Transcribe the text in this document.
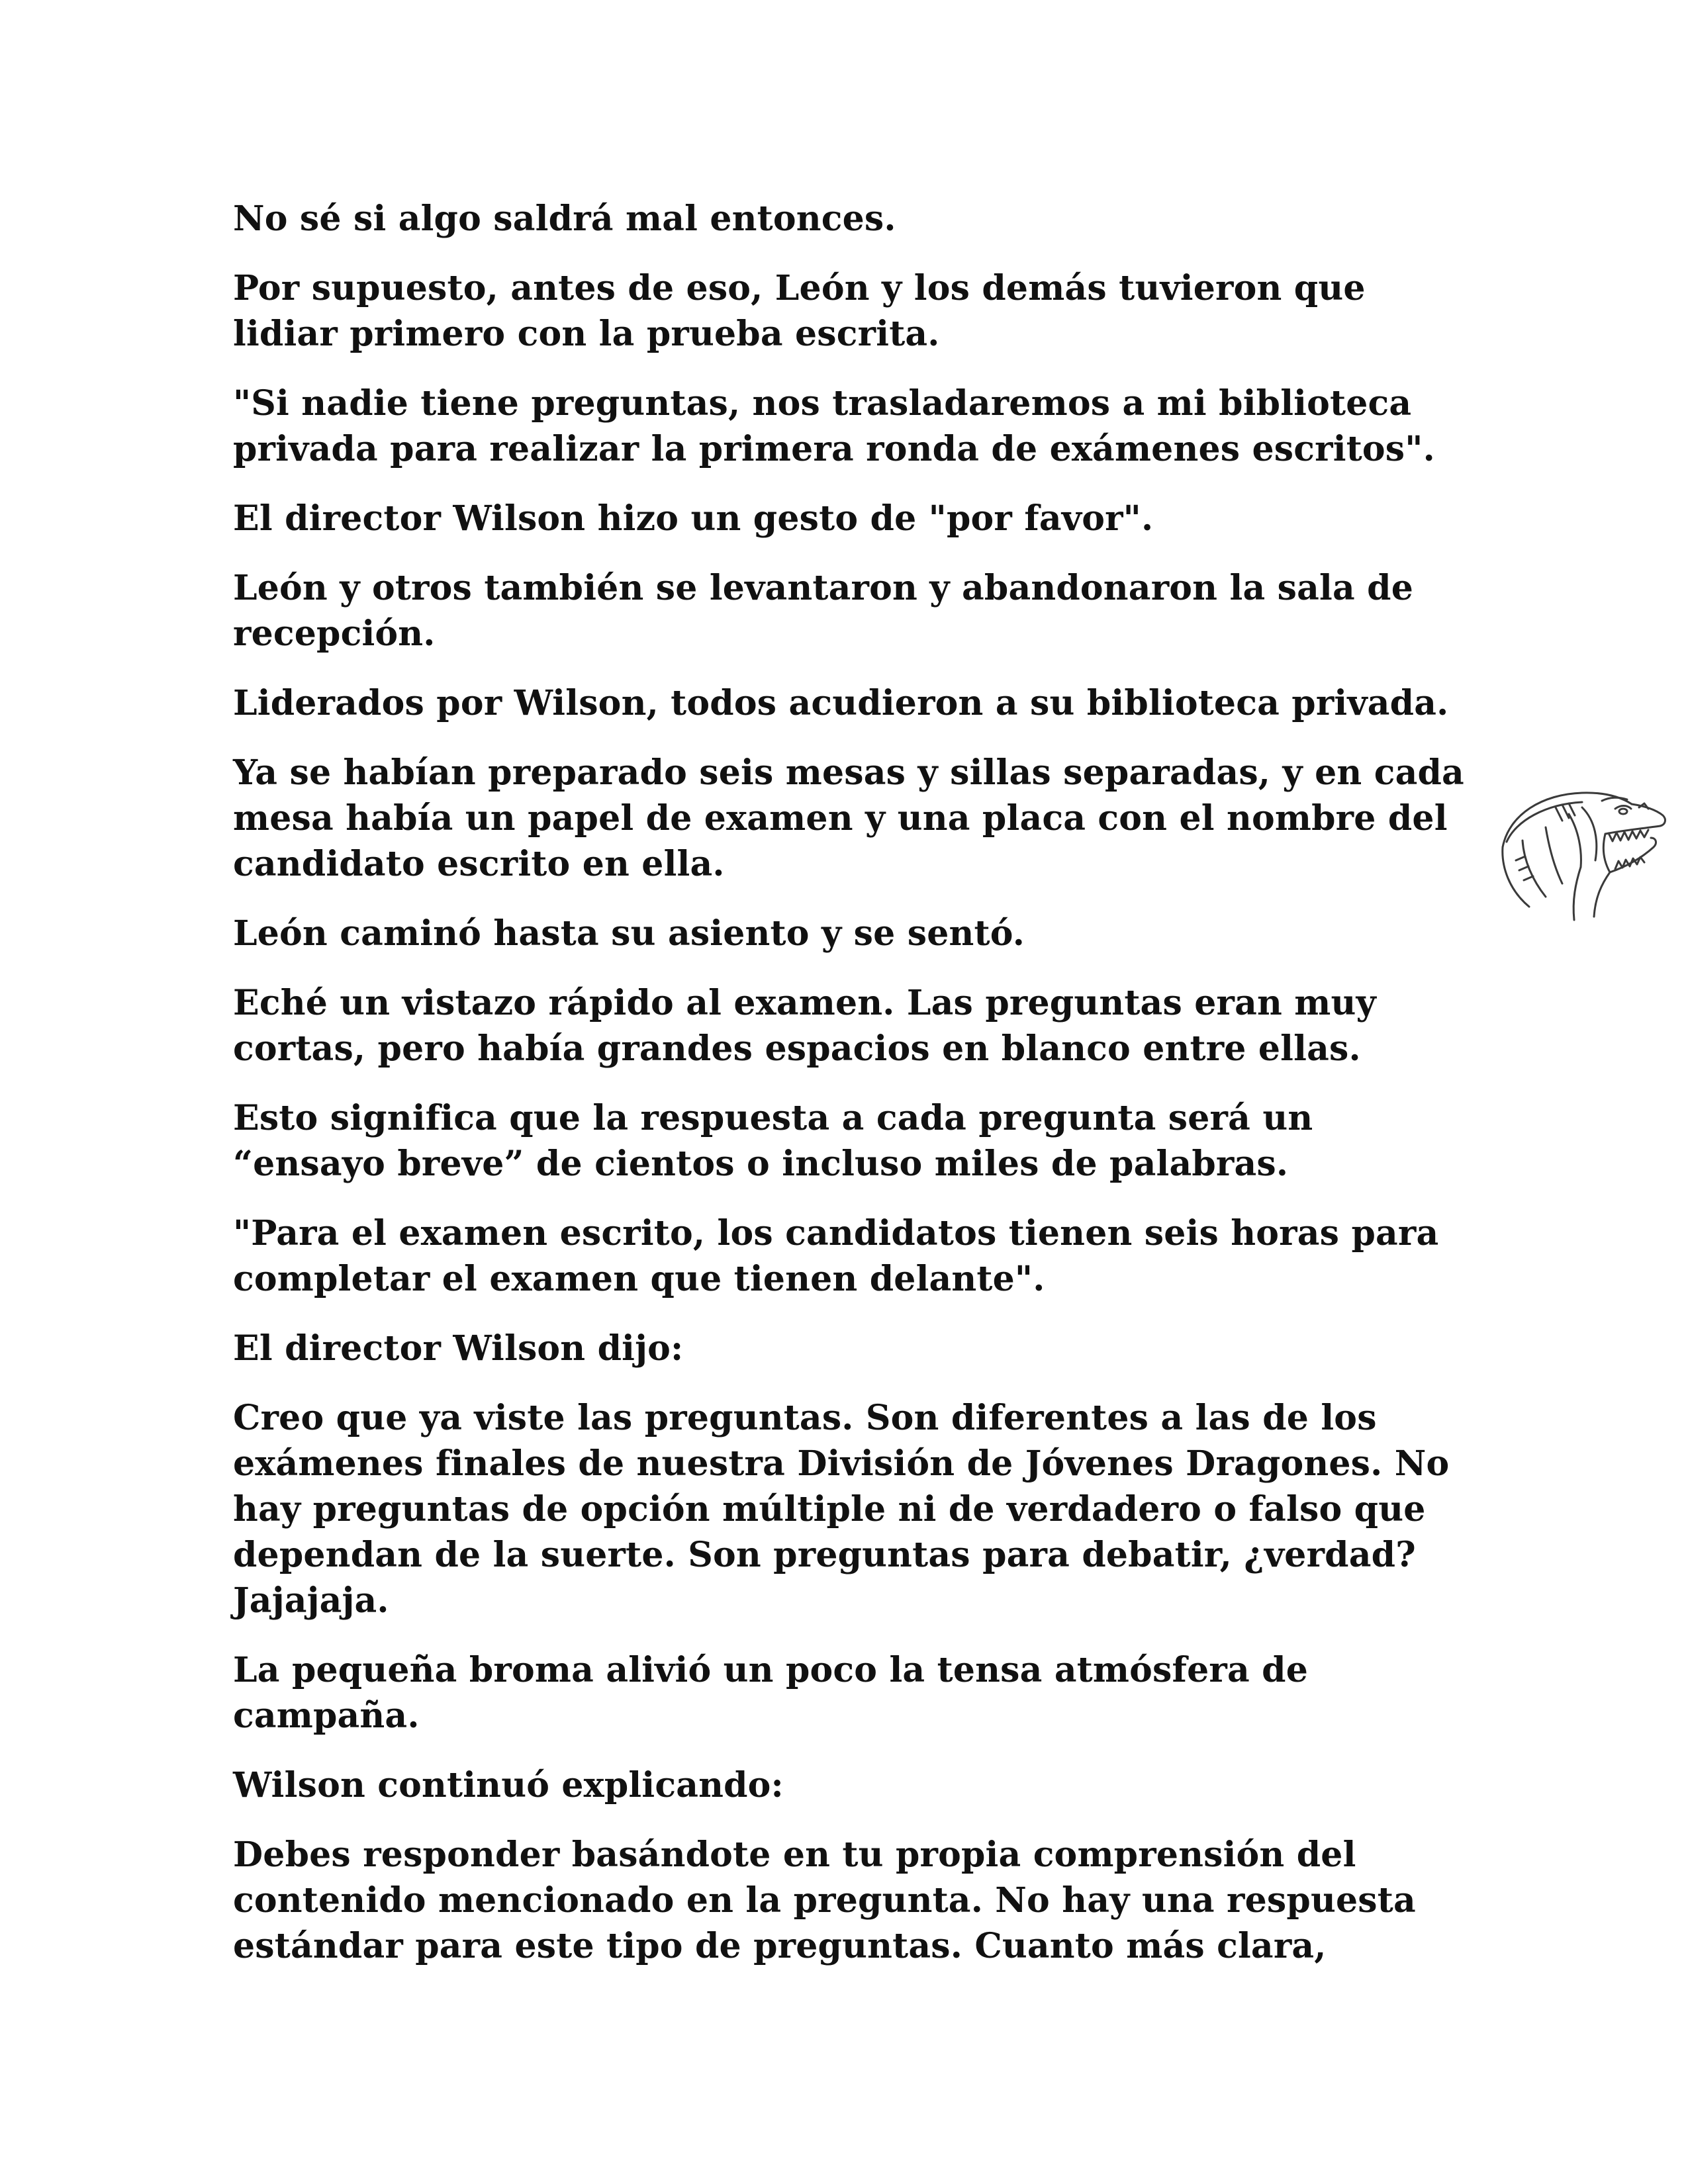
No sé si algo saldrá mal entonces.

Por supuesto, antes de eso, León y los demás tuvieron que
lidiar primero con la prueba escrita.

"Si nadie tiene preguntas, nos trasladaremos a mi biblioteca
privada para realizar la primera ronda de exámenes escritos".

El director Wilson hizo un gesto de "por favor".

León y otros también se levantaron y abandonaron la sala de
recepción.

Liderados por Wilson, todos acudieron a su biblioteca privada.

Ya se habían preparado seis mesas y sillas separadas, y en cada
mesa había un papel de examen y una placa con el nombre del
candidato escrito en ella.

León caminó hasta su asiento y se sentó.

Eché un vistazo rápido al examen. Las preguntas eran muy
cortas, pero había grandes espacios en blanco entre ellas.

Esto significa que la respuesta a cada pregunta será un
“ensayo breve” de cientos o incluso miles de palabras.

"Para el examen escrito, los candidatos tienen seis horas para
completar el examen que tienen delante".

El director Wilson dijo:

Creo que ya viste las preguntas. Son diferentes a las de los
exámenes finales de nuestra División de Jóvenes Dragones. No
hay preguntas de opción múltiple ni de verdadero o falso que
dependan de la suerte. Son preguntas para debatir, ¿verdad?
Jajajaja.

La pequeña broma alivió un poco la tensa atmósfera de
campaña.

Wilson continuó explicando:

Debes responder basándote en tu propia comprensión del
contenido mencionado en la pregunta. No hay una respuesta
estándar para este tipo de preguntas. Cuanto más clara,
